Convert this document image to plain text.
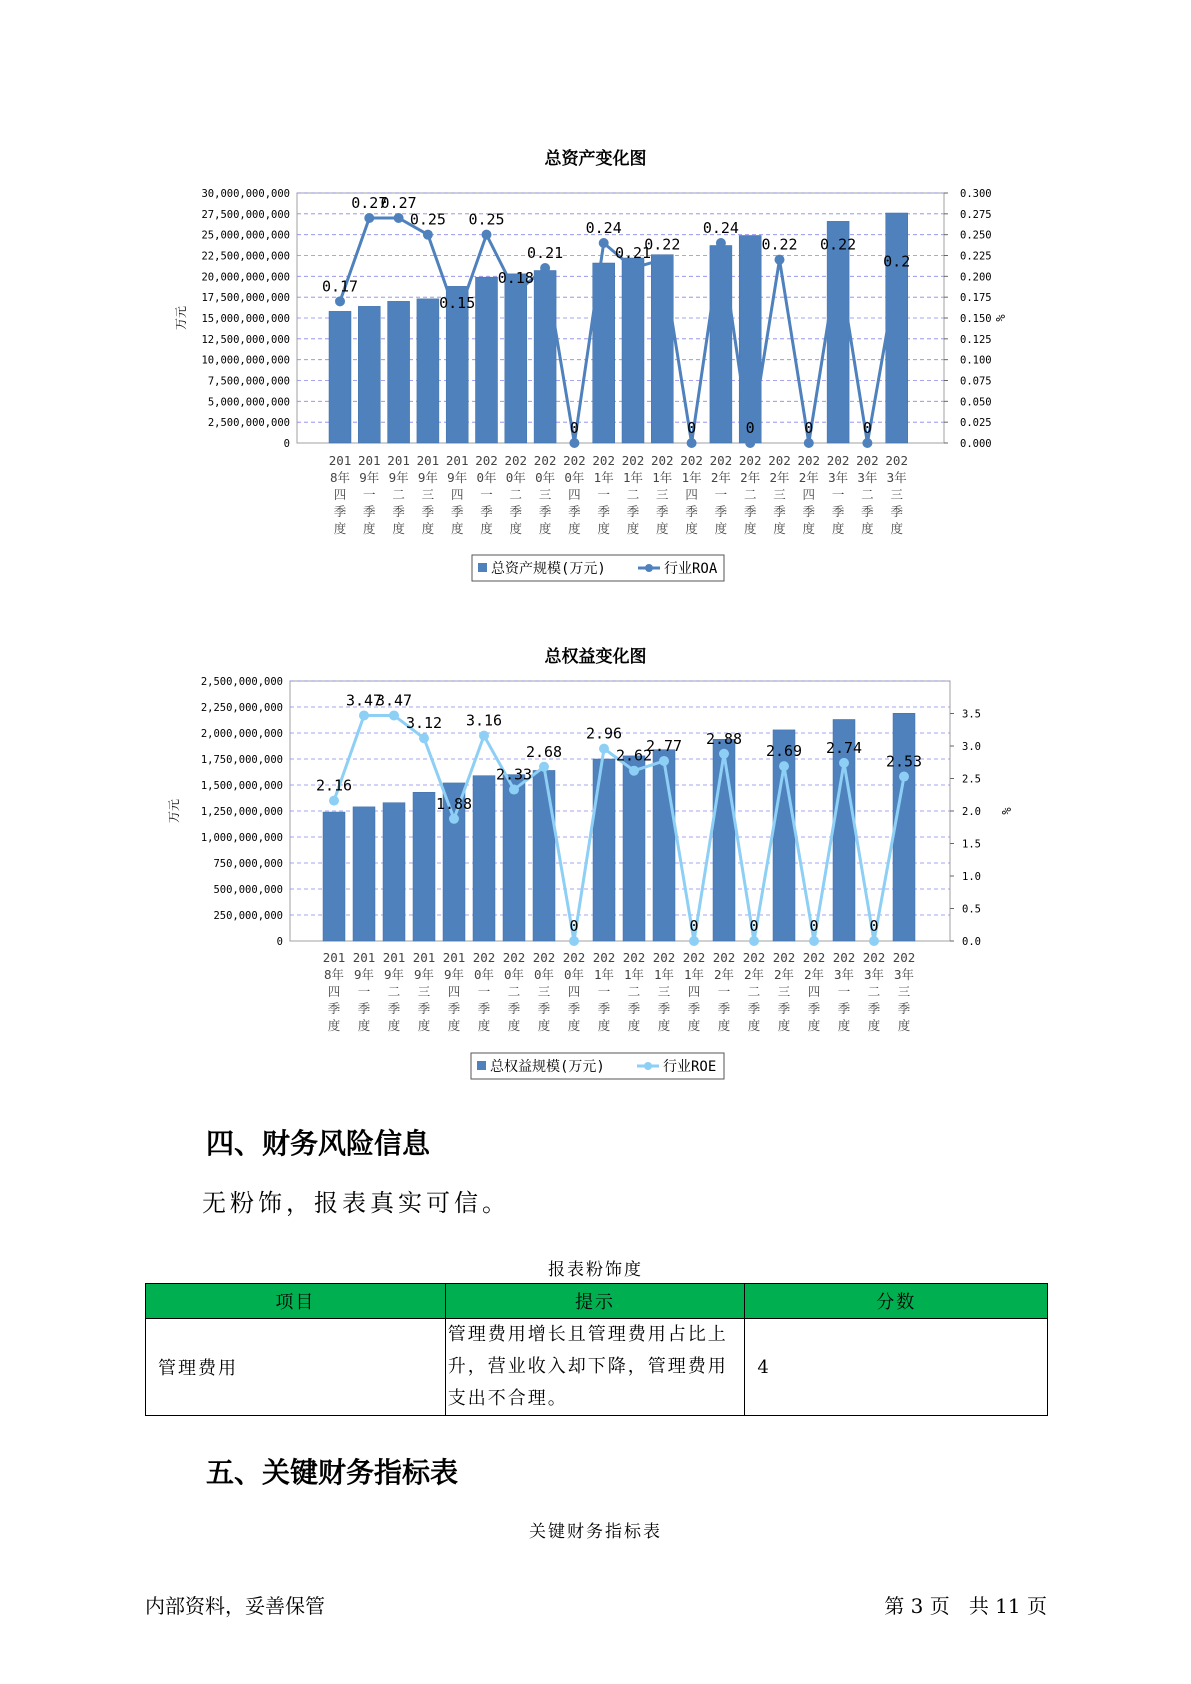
总资产变化图
0
2,500,000,000
5,000,000,000
7,500,000,000
10,000,000,000
12,500,000,000
15,000,000,000
17,500,000,000
20,000,000,000
22,500,000,000
25,000,000,000
27,500,000,000
30,000,000,000
0.000
0.025
0.050
0.075
0.100
0.125
0.150
0.175
0.200
0.225
0.250
0.275
0.300
万元	%
0.17
0.27
0.27
0.25
0.15
0.25
0.18
0.21
0
0.24
0.21
0.22
0
0.24
0
0.22
0
0.22
0
0.2
201 8年四季度
201 9年一季度
201 9年二季度
201 9年三季度
201 9年四季度
202 0年一季度
202 0年二季度
202 0年三季度
202 0年四季度
202 1年一季度
202 1年二季度
202 1年三季度
202 1年四季度
202 2年一季度
202 2年二季度
202 2年三季度
202 2年四季度
202 3年一季度
202 3年二季度
202 3年三季度
总资产规模(万元)	行业ROA
总权益变化图
0
250,000,000
500,000,000
750,000,000
1,000,000,000
1,250,000,000
1,500,000,000
1,750,000,000
2,000,000,000
2,250,000,000
2,500,000,000
0.0
0.5
1.0
1.5
2.0
2.5
3.0
3.5
万元	%
2.16
3.47
3.47
3.12
1.88
3.16
2.33
2.68
0
2.96
2.62
2.77
0
2.88
0
2.69
0
2.74
0
2.53
201 8年四季度
201 9年一季度
201 9年二季度
201 9年三季度
201 9年四季度
202 0年一季度
202 0年二季度
202 0年三季度
202 0年四季度
202 1年一季度
202 1年二季度
202 1年三季度
202 1年四季度
202 2年一季度
202 2年二季度
202 2年三季度
202 2年四季度
202 3年一季度
202 3年二季度
202 3年三季度
总权益规模(万元)	行业ROE
四、财务风险信息
无粉饰，报表真实可信。
报表粉饰度
项目	提示	分数
管理费用	管理费用增长且管理费用占比上升，营业收入却下降，管理费用支出不合理。	4
五、关键财务指标表
关键财务指标表
内部资料，妥善保管	第 3 页   共 11 页
